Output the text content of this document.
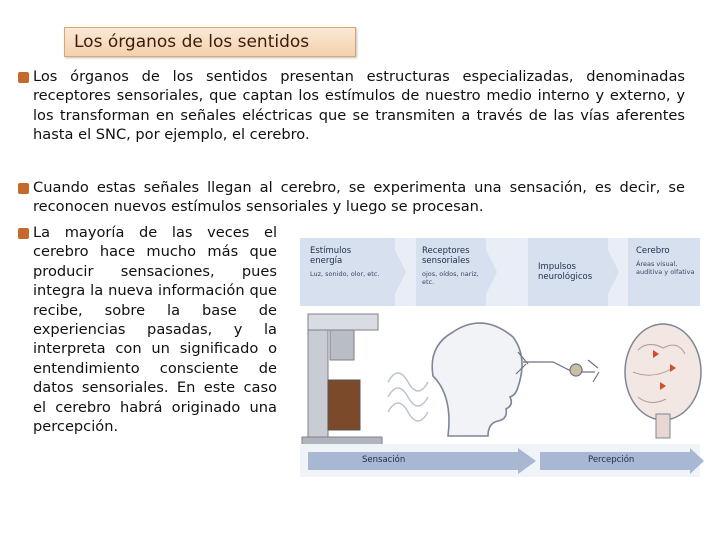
Los órganos de los sentidos
Los órganos de los sentidos presentan estructuras especializadas, denominadas receptores sensoriales, que captan los estímulos de nuestro medio interno y externo, y los transforman en señales eléctricas que se transmiten a través de las vías aferentes hasta el SNC, por ejemplo, el cerebro.
Cuando estas señales llegan al cerebro, se experimenta una sensación, es decir, se reconocen nuevos estímulos sensoriales y luego se procesan.
La mayoría de las veces el cerebro hace mucho más que producir sensaciones, pues integra la nueva información que recibe, sobre la base de experiencias pasadas, y la interpreta con un significado o entendimiento consciente de datos sensoriales. En este caso el cerebro habrá originado una percepción.
Estímulos energía
Luz, sonido, olor, etc.
Receptores sensoriales
ojos, oídos, nariz, etc.
Impulsos neurológicos
Cerebro
Áreas visual, auditiva y olfativa
Sensación	Percepción
